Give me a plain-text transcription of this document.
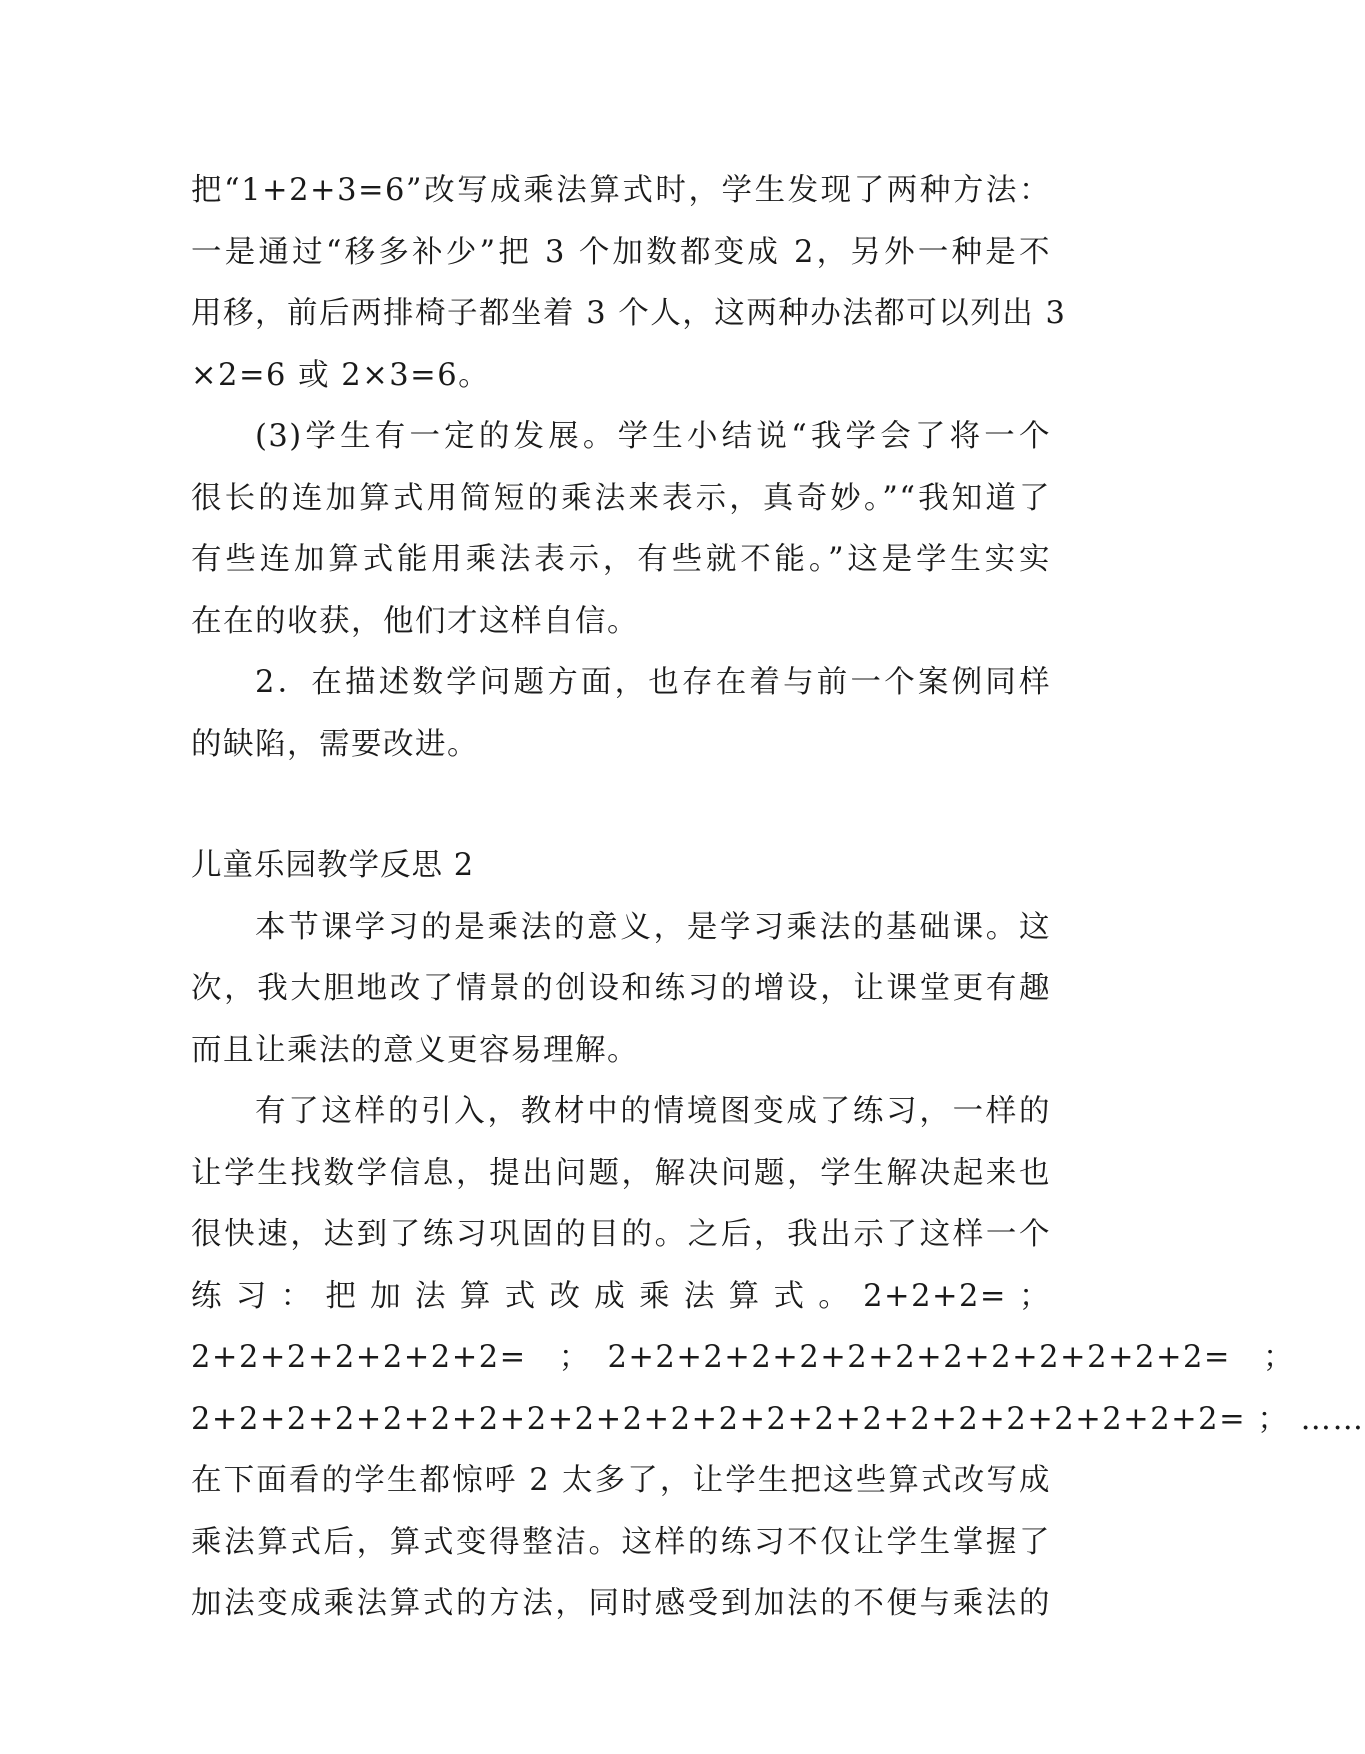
把“1+2+3=6”改写成乘法算式时，学生发现了两种方法：
一是通过“移多补少”把 3 个加数都变成 2，另外一种是不
用移，前后两排椅子都坐着 3 个人，这两种办法都可以列出 3
×2=6 或 2×3=6。
(3)学生有一定的发展。学生小结说“我学会了将一个
很长的连加算式用简短的乘法来表示，真奇妙。”“我知道了
有些连加算式能用乘法表示，有些就不能。”这是学生实实
在在的收获，他们才这样自信。
2．在描述数学问题方面，也存在着与前一个案例同样
的缺陷，需要改进。
儿童乐园教学反思 2
本节课学习的是乘法的意义，是学习乘法的基础课。这
次，我大胆地改了情景的创设和练习的增设，让课堂更有趣
而且让乘法的意义更容易理解。
有了这样的引入，教材中的情境图变成了练习，一样的
让学生找数学信息，提出问题，解决问题，学生解决起来也
很快速，达到了练习巩固的目的。之后，我出示了这样一个
练 习 ： 把 加 法 算 式 改 成 乘 法 算 式 。 2+2+2= ；
2+2+2+2+2+2+2=　；　2+2+2+2+2+2+2+2+2+2+2+2+2=　；
2+2+2+2+2+2+2+2+2+2+2+2+2+2+2+2+2+2+2+2+2+2= ； ……
在下面看的学生都惊呼 2 太多了，让学生把这些算式改写成
乘法算式后，算式变得整洁。这样的练习不仅让学生掌握了
加法变成乘法算式的方法，同时感受到加法的不便与乘法的
